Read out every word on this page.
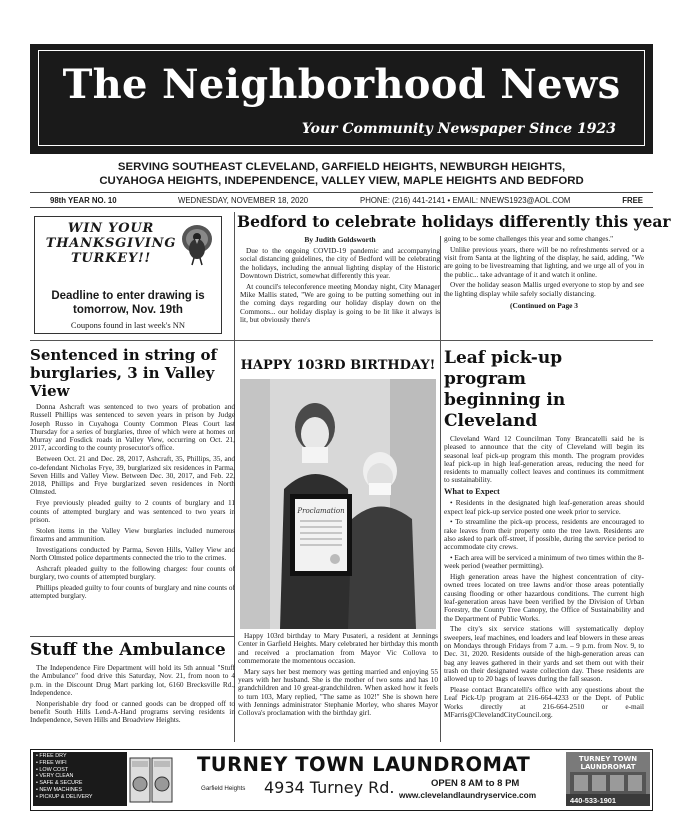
The Neighborhood News
Your Community Newspaper Since 1923
SERVING SOUTHEAST CLEVELAND, GARFIELD HEIGHTS, NEWBURGH HEIGHTS,
CUYAHOGA HEIGHTS, INDEPENDENCE, VALLEY VIEW, MAPLE HEIGHTS AND BEDFORD
98th YEAR NO. 10	WEDNESDAY, NOVEMBER 18, 2020	PHONE: (216) 441-2141 • EMAIL: NNEWS1923@AOL.COM	FREE
WIN YOUR
THANKSGIVING
TURKEY!!
Deadline to enter drawing is
tomorrow, Nov. 19th
Coupons found in last week's NN
Bedford to celebrate holidays differently this year
By Judith Goldsworth

Due to the ongoing COVID-19 pandemic and accompanying social distancing guidelines, the city of Bedford will be celebrating the holidays, including the annual lighting display of the Historic Downtown District, somewhat differently this year.

At council's teleconference meeting Monday night, City Manager Mike Mallis stated, "We are going to be putting something out in the coming days regarding our holiday display down on the Commons... our holiday display is going to be lit like it always is lit, but obviously there's

going to be some challenges this year and some changes."

Unlike previous years, there will be no refreshments served or a visit from Santa at the lighting of the display, he said, adding, "We are going to be livestreaming that lighting, and we urge all of you in the public... take advantage of it and watch it online.

Over the holiday season Mallis urged everyone to stop by and see the lighting display while safely socially distancing.

(Continued on Page 3
Sentenced in string of
burglaries, 3 in Valley View

Donna Ashcraft was sentenced to two years of probation and Russell Phillips was sentenced to seven years in prison by Judge Joseph Russo in Cuyahoga County Common Pleas Court last Thursday for a series of burglaries, three of which were at homes on Murray and Fosdick roads in Valley View, occurring on Oct. 21, 2017, according to the county prosecutor's office.

Between Oct. 21 and Dec. 28, 2017, Ashcraft, 35, Phillips, 35, and co-defendant Nicholas Frye, 39, burglarized six residences in Parma, Seven Hills and Valley View. Between Dec. 30, 2017, and Feb. 22, 2018, Phillips and Frye burglarized seven residences in North Olmsted.

Frye previously pleaded guilty to 2 counts of burglary and 11 counts of attempted burglary and was sentenced to two years in prison.

Stolen items in the Valley View burglaries included numerous firearms and ammunition.

Investigations conducted by Parma, Seven Hills, Valley View and North Olmsted police departments connected the trio to the crimes.

Ashcraft pleaded guilty to the following charges: four counts of burglary, two counts of attempted burglary.

Phillips pleaded guilty to four counts of burglary and nine counts of attempted burglary.

Stuff the Ambulance

The Independence Fire Department will hold its 5th annual "Stuff the Ambulance" food drive this Saturday, Nov. 21, from noon to 4 p.m. in the Discount Drug Mart parking lot, 6160 Brecksville Rd., Independence.

Nonperishable dry food or canned goods can be dropped off to benefit South Hills Lend-A-Hand programs serving residents in Independence, Seven Hills and Broadview Heights.

HAPPY 103RD BIRTHDAY!
Proclamation

Happy 103rd birthday to Mary Pusateri, a resident at Jennings Center in Garfield Heights. Mary celebrated her birthday this month and received a proclamation from Mayor Vic Collova to commemorate the momentous occasion.

Mary says her best memory was getting married and enjoying 55 years with her husband. She is the mother of two sons and has 10 grandchildren and 10 great-grandchildren. When asked how it feels to turn 103, Mary replied, "The same as 102!" She is shown here with Jennings administrator Stephanie Morley, who shares Mayor Collova's proclamation with the birthday girl.

Leaf pick-up program
beginning in Cleveland

Cleveland Ward 12 Councilman Tony Brancatelli said he is pleased to announce that the city of Cleveland will begin its seasonal leaf pick-up program this month. The program provides leaf pick-up in high leaf-generation areas, reducing the need for residents to manually collect leaves and continues its commitment to sustainability.

What to Expect

• Residents in the designated high leaf-generation areas should expect leaf pick-up service posted one week prior to service.

• To streamline the pick-up process, residents are encouraged to rake leaves from their property onto the tree lawn. Residents are also asked to park off-street, if possible, during the service period to accommodate city crews.

• Each area will be serviced a minimum of two times within the 8-week period (weather permitting).

High generation areas have the highest concentration of city-owned trees located on tree lawns and/or those areas potentially causing flooding or other hazardous conditions. The current high leaf-generation areas have been verified by the Division of Urban Forestry, the County Tree Canopy, the Office of Sustainability and the Department of Public Works.

The city's six service stations will systematically deploy sweepers, leaf machines, end loaders and leaf blowers in these areas on Mondays through Fridays from 7 a.m. – 9 p.m. from Nov. 9, to Dec. 31, 2020. Residents outside of the high-generation areas can bag any leaves gathered in their yards and set them out with their trash on their designated waste collection day. These residents are allowed up to 20 bags of leaves during the fall season.

Please contact Brancatelli's office with any questions about the Leaf Pick-Up program at 216-664-4233 or the Dept. of Public Works directly at 216-664-2510 or e-mail MFarris@ClevelandCityCouncil.org.

• FREE DRY
• FREE WIFI
• LOW COST
• VERY CLEAN
• SAFE & SECURE
• NEW MACHINES
• PICKUP & DELIVERY
TURNEY TOWN LAUNDROMAT
Garfield Heights 4934 Turney Rd.	OPEN 8 AM to 8 PM
www.clevelandlaundryservice.com
TURNEY TOWN
LAUNDROMAT
440-533-1901
